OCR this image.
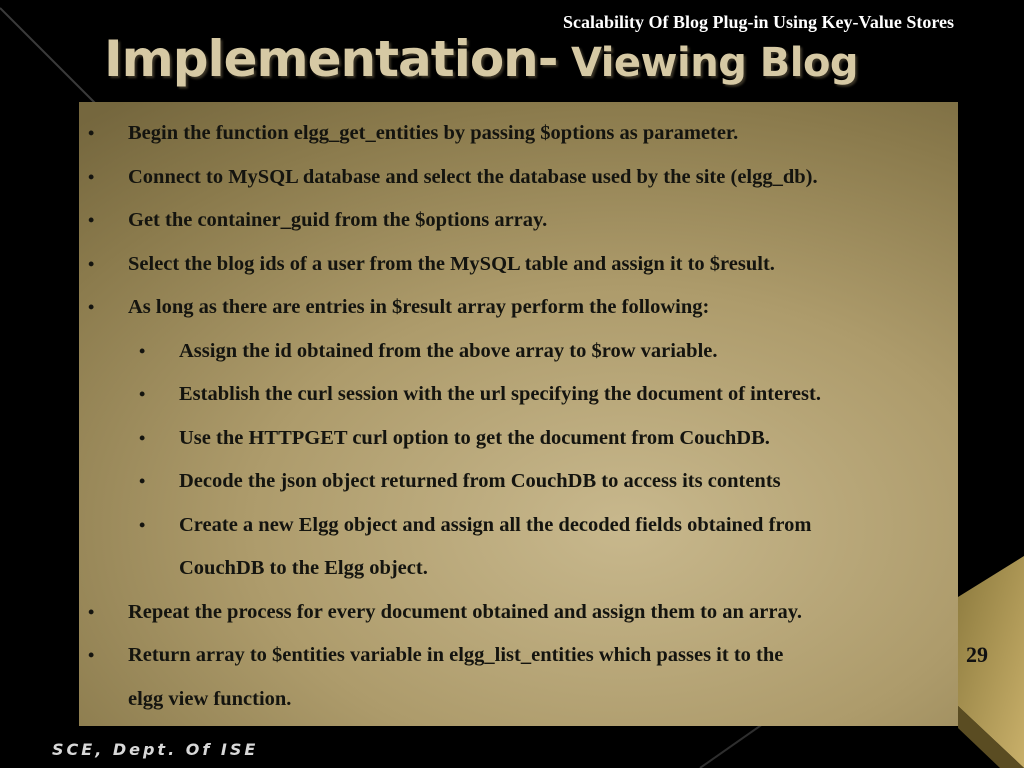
Scalability Of Blog Plug-in Using Key-Value Stores
Implementation- Viewing Blog
• Begin the function elgg_get_entities by passing $options as parameter.
• Connect to MySQL database and select the database used by the site (elgg_db).
• Get the container_guid from the $options array.
• Select the blog ids of a user from the MySQL table and assign it to $result.
• As long as there are entries in $result array perform the following:
• Assign the id obtained from the above array to $row variable.
• Establish the curl session with the url specifying the document of interest.
• Use the HTTPGET curl option to get the document from CouchDB.
• Decode the json object returned from CouchDB to access its contents
• Create a new Elgg object and assign all the decoded fields obtained from
CouchDB to the Elgg object.
• Repeat the process for every document obtained and assign them to an array.
• Return array to $entities variable in elgg_list_entities which passes it to the
elgg view function.
29
SCE, Dept. Of ISE
